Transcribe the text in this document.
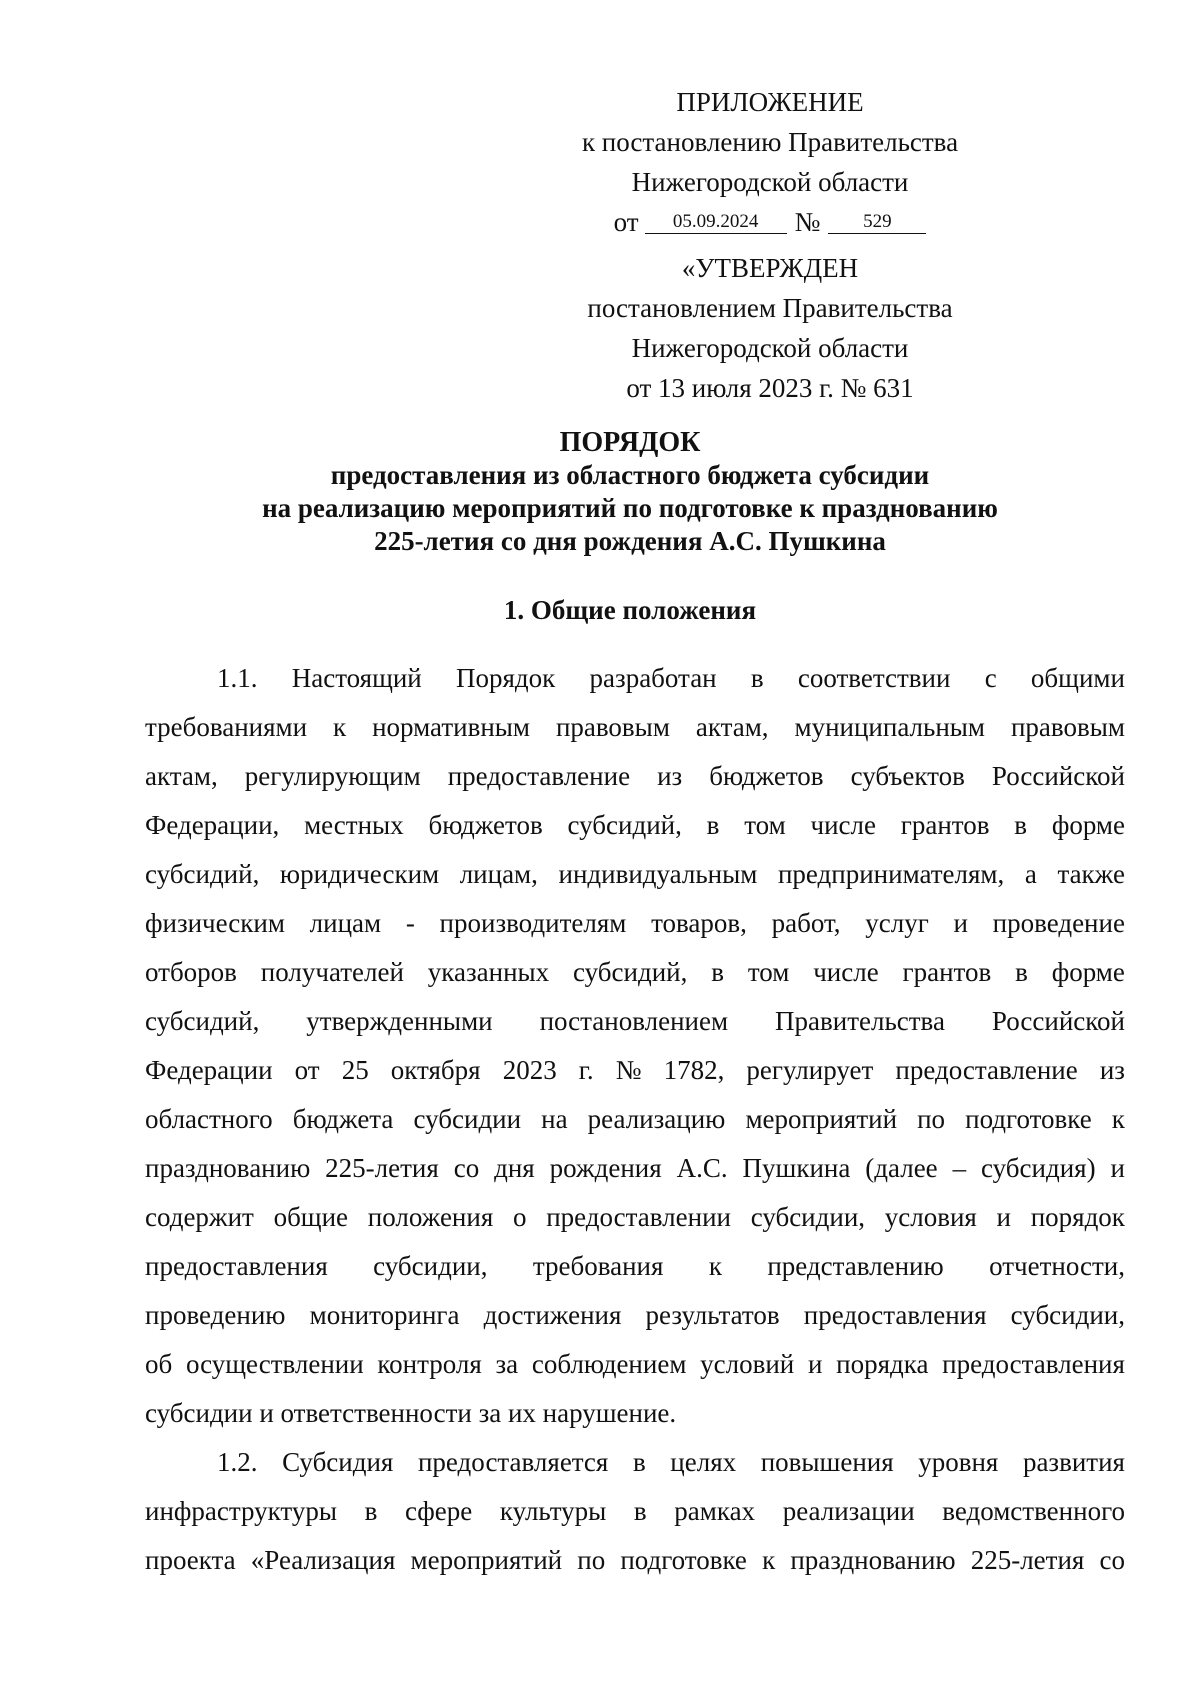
ПРИЛОЖЕНИЕ
к постановлению Правительства
Нижегородской области
от 05.09.2024 № 529
«УТВЕРЖДЕН
постановлением Правительства
Нижегородской области
от 13 июля 2023 г. № 631
ПОРЯДОК
предоставления из областного бюджета субсидии
на реализацию мероприятий по подготовке к празднованию
225-летия со дня рождения А.С. Пушкина
1. Общие положения
1.1. Настоящий Порядок разработан в соответствии с общими
требованиями к нормативным правовым актам, муниципальным правовым
актам, регулирующим предоставление из бюджетов субъектов Российской
Федерации, местных бюджетов субсидий, в том числе грантов в форме
субсидий, юридическим лицам, индивидуальным предпринимателям, а также
физическим лицам - производителям товаров, работ, услуг и проведение
отборов получателей указанных субсидий, в том числе грантов в форме
субсидий, утвержденными постановлением Правительства Российской
Федерации от 25 октября 2023 г. № 1782, регулирует предоставление из
областного бюджета субсидии на реализацию мероприятий по подготовке к
празднованию 225-летия со дня рождения А.С. Пушкина (далее – субсидия) и
содержит общие положения о предоставлении субсидии, условия и порядок
предоставления субсидии, требования к представлению отчетности,
проведению мониторинга достижения результатов предоставления субсидии,
об осуществлении контроля за соблюдением условий и порядка предоставления
субсидии и ответственности за их нарушение.
1.2. Субсидия предоставляется в целях повышения уровня развития
инфраструктуры в сфере культуры в рамках реализации ведомственного
проекта «Реализация мероприятий по подготовке к празднованию 225-летия со
